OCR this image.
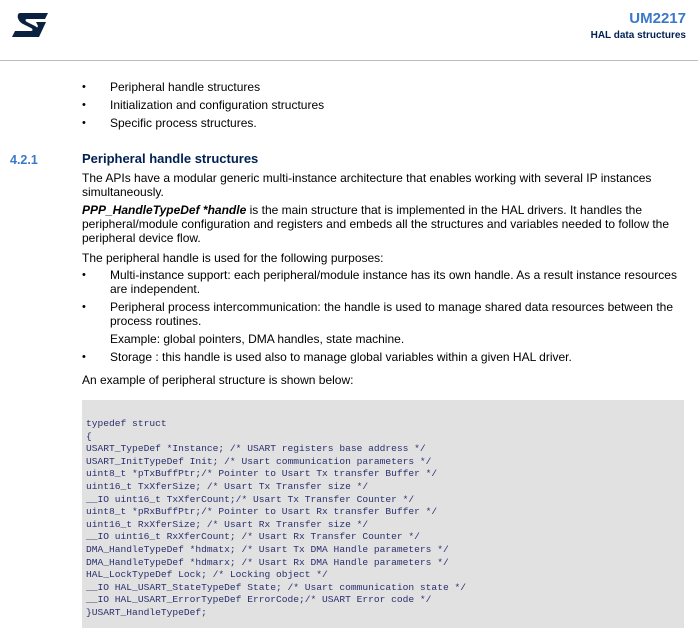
UM2217
HAL data structures
• Peripheral handle structures
• Initialization and configuration structures
• Specific process structures.
4.2.1	Peripheral handle structures

The APIs have a modular generic multi-instance architecture that enables working with several IP instances simultaneously.

PPP_HandleTypeDef *handle is the main structure that is implemented in the HAL drivers. It handles the peripheral/module configuration and registers and embeds all the structures and variables needed to follow the peripheral device flow.

The peripheral handle is used for the following purposes:

• Multi-instance support: each peripheral/module instance has its own handle. As a result instance resources are independent.
• Peripheral process intercommunication: the handle is used to manage shared data resources between the process routines.
Example: global pointers, DMA handles, state machine.
• Storage : this handle is used also to manage global variables within a given HAL driver.

An example of peripheral structure is shown below:

typedef struct
{
USART_TypeDef *Instance; /* USART registers base address */
USART_InitTypeDef Init; /* Usart communication parameters */
uint8_t *pTxBuffPtr;/* Pointer to Usart Tx transfer Buffer */
uint16_t TxXferSize; /* Usart Tx Transfer size */
__IO uint16_t TxXferCount;/* Usart Tx Transfer Counter */
uint8_t *pRxBuffPtr;/* Pointer to Usart Rx transfer Buffer */
uint16_t RxXferSize; /* Usart Rx Transfer size */
__IO uint16_t RxXferCount; /* Usart Rx Transfer Counter */
DMA_HandleTypeDef *hdmatx; /* Usart Tx DMA Handle parameters */
DMA_HandleTypeDef *hdmarx; /* Usart Rx DMA Handle parameters */
HAL_LockTypeDef Lock; /* Locking object */
__IO HAL_USART_StateTypeDef State; /* Usart communication state */
__IO HAL_USART_ErrorTypeDef ErrorCode;/* USART Error code */
}USART_HandleTypeDef;
